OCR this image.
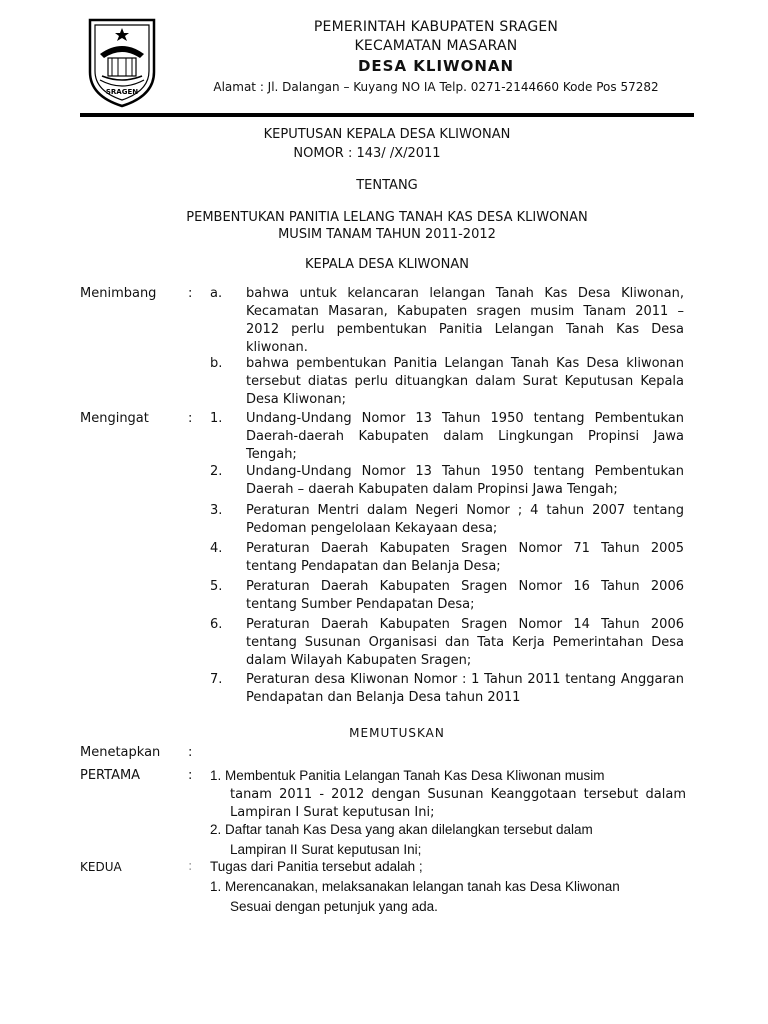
SRAGEN
PEMERINTAH KABUPATEN SRAGEN
KECAMATAN MASARAN
DESA KLIWONAN
Alamat : Jl. Dalangan – Kuyang NO IA Telp. 0271-2144660 Kode Pos 57282
KEPUTUSAN KEPALA DESA KLIWONAN
NOMOR : 143/ /X/2011
TENTANG
PEMBENTUKAN PANITIA LELANG TANAH KAS DESA KLIWONAN
MUSIM TANAM TAHUN 2011-2012
KEPALA DESA KLIWONAN
Menimbang : a. bahwa untuk kelancaran lelangan Tanah Kas Desa Kliwonan, Kecamatan Masaran, Kabupaten sragen musim Tanam 2011 – 2012 perlu pembentukan Panitia Lelangan Tanah Kas Desa kliwonan.
b. bahwa pembentukan Panitia Lelangan Tanah Kas Desa kliwonan tersebut diatas perlu dituangkan dalam Surat Keputusan Kepala Desa Kliwonan;
Mengingat	: 1. Undang-Undang Nomor 13 Tahun 1950 tentang Pembentukan Daerah-daerah Kabupaten dalam Lingkungan Propinsi Jawa Tengah;
2. Undang-Undang Nomor 13 Tahun 1950 tentang Pembentukan Daerah – daerah Kabupaten dalam Propinsi Jawa Tengah;
3. Peraturan Mentri dalam Negeri Nomor ; 4 tahun 2007 tentang Pedoman pengelolaan Kekayaan desa;
4. Peraturan Daerah Kabupaten Sragen Nomor 71 Tahun 2005 tentang Pendapatan dan Belanja Desa;
5. Peraturan Daerah Kabupaten Sragen Nomor 16 Tahun 2006 tentang Sumber Pendapatan Desa;
6. Peraturan Daerah Kabupaten Sragen Nomor 14 Tahun 2006 tentang Susunan Organisasi dan Tata Kerja Pemerintahan Desa dalam Wilayah Kabupaten Sragen;
7. Peraturan desa Kliwonan Nomor : 1 Tahun 2011 tentang Anggaran Pendapatan dan Belanja Desa tahun 2011
MEMUTUSKAN
Menetapkan :
PERTAMA	: 1. Membentuk Panitia Lelangan Tanah Kas Desa Kliwonan musim
tanam 2011 - 2012 dengan Susunan Keanggotaan tersebut dalam Lampiran I Surat keputusan Ini;
2. Daftar tanah Kas Desa yang akan dilelangkan tersebut dalam
Lampiran II Surat keputusan Ini;
KEDUA	: Tugas dari Panitia tersebut adalah ;
1. Merencanakan, melaksanakan lelangan tanah kas Desa Kliwonan
Sesuai dengan petunjuk yang ada.
